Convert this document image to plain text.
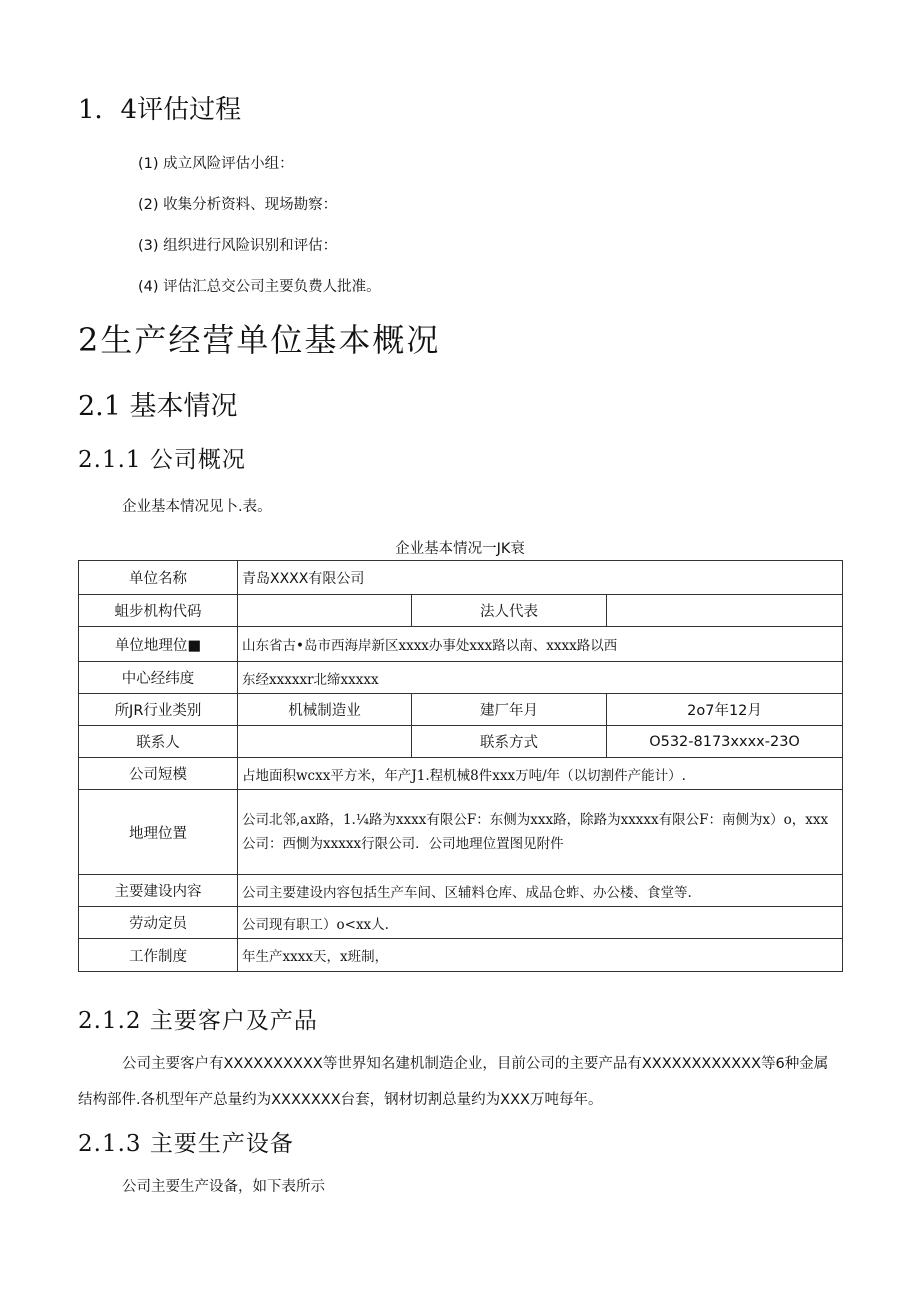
1．4评估过程
(1) 成立风险评估小组：
(2) 收集分析资料、现场勘察：
(3) 组织进行风险识别和评估：
(4) 评估汇总交公司主要负费人批准。
2生产经营单位基本概况
2.1 基本情况
2.1.1 公司概况

企业基本情况见卜.表。

企业基本情况一JK衰

单位名称	青岛XXXX有限公司		
蛆步机构代码		法人代表	
单位地理位■	山东省古•岛市西海岸新区xxxx办事处xxx路以南、xxxx路以西		
中心经纬度	东经xxxxxr北缔xxxxx		
所JR行业类别	机械制造业	建厂年月	2o7年12月
联系人		联系方式	O532-8173xxxx-23O
公司短模	占地面积wcxx平方米，年产J1.程机械8件xxx万吨/年（以切割件产能计）.		
地理位置	公司北邻,ax路，1.¼路为xxxx有限公F：东侧为xxx路，除路为xxxxx有限公F：南侧为x）o，xxx公司：西惻为xxxxx行限公司．公司地理位置图见附件		
主要建设内容	公司主要建设内容包括生产车间、区辅料仓库、成品仓蚱、办公楼、食堂等.		
劳动定员	公司现有职工）o<xx人.		
工作制度	年生产xxxx天，x班制，		
2.1.2 主要客户及产品

公司主要客户有XXXXXXXXXX等世界知名建机制造企业，目前公司的主要产品有XXXXXXXXXXXX等6种金属结构部件.各机型年产总量约为XXXXXXX台套，钢材切割总量约为XXX万吨每年。

2.1.3 主要生产设备

公司主要生产设备，如下表所示
